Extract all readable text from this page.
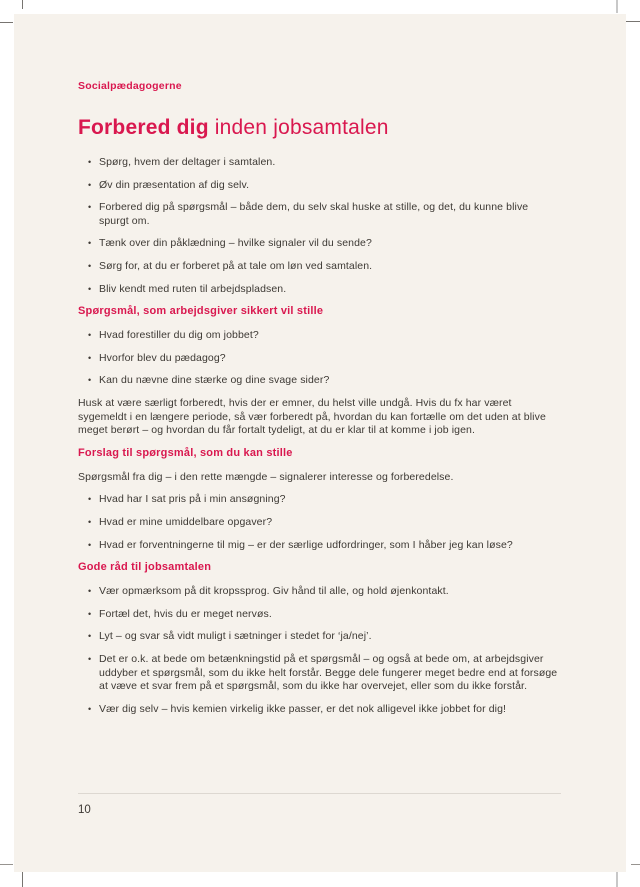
Socialpædagogerne
Forbered dig inden jobsamtalen
• Spørg, hvem der deltager i samtalen.
• Øv din præsentation af dig selv.
• Forbered dig på spørgsmål – både dem, du selv skal huske at stille, og det, du kunne blive spurgt om.
• Tænk over din påklædning – hvilke signaler vil du sende?
• Sørg for, at du er forberet på at tale om løn ved samtalen.
• Bliv kendt med ruten til arbejdspladsen.
Spørgsmål, som arbejdsgiver sikkert vil stille
• Hvad forestiller du dig om jobbet?
• Hvorfor blev du pædagog?
• Kan du nævne dine stærke og dine svage sider?

Husk at være særligt forberedt, hvis der er emner, du helst ville undgå. Hvis du fx har været sygemeldt i en længere periode, så vær forberedt på, hvordan du kan fortælle om det uden at blive meget berørt – og hvordan du får fortalt tydeligt, at du er klar til at komme i job igen.

Forslag til spørgsmål, som du kan stille

Spørgsmål fra dig – i den rette mængde – signalerer interesse og forberedelse.

• Hvad har I sat pris på i min ansøgning?
• Hvad er mine umiddelbare opgaver?
• Hvad er forventningerne til mig – er der særlige udfordringer, som I håber jeg kan løse?
Gode råd til jobsamtalen
• Vær opmærksom på dit kropssprog. Giv hånd til alle, og hold øjenkontakt.
• Fortæl det, hvis du er meget nervøs.
• Lyt – og svar så vidt muligt i sætninger i stedet for ‘ja/nej’.
• Det er o.k. at bede om betænkningstid på et spørgsmål – og også at bede om, at arbejdsgiver uddyber et spørgsmål, som du ikke helt forstår. Begge dele fungerer meget bedre end at forsøge at væve et svar frem på et spørgsmål, som du ikke har overvejet, eller som du ikke forstår.
• Vær dig selv – hvis kemien virkelig ikke passer, er det nok alligevel ikke jobbet for dig!
10
